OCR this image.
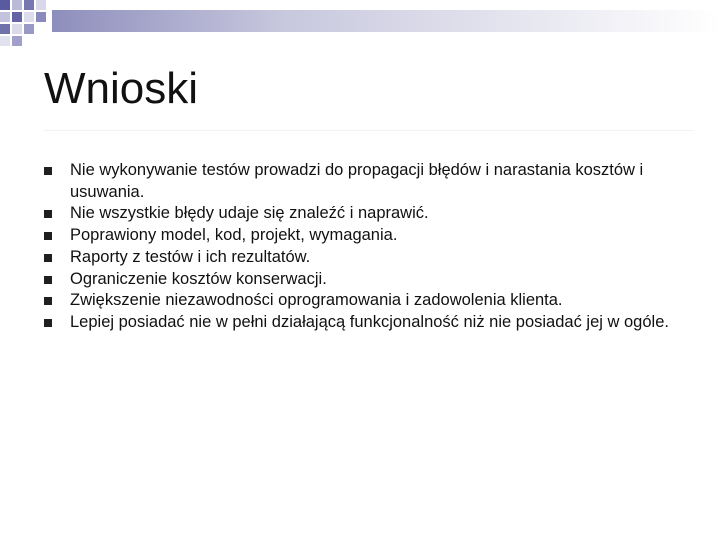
Wnioski
Nie wykonywanie testów prowadzi do propagacji błędów i narastania kosztów i usuwania.
Nie wszystkie błędy udaje się znaleźć i naprawić.
Poprawiony model, kod, projekt, wymagania.
Raporty z testów i ich rezultatów.
Ograniczenie kosztów konserwacji.
Zwiększenie niezawodności oprogramowania i zadowolenia klienta.
Lepiej posiadać nie w pełni działającą funkcjonalność niż nie posiadać jej w ogóle.
